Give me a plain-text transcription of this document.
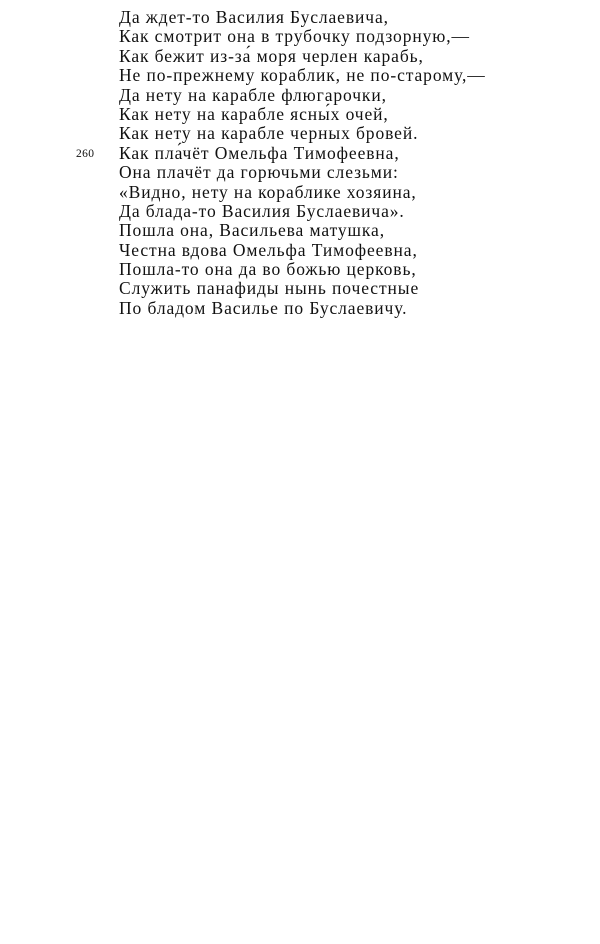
Да ждет-то Василия Буслаевича,
Как смотрит она в трубочку подзорную,—
Как бежит из-за́ моря черлен карабь,
Не по-прежнему кораблик, не по-старому,—
Да нету на карабле флюгарочки,
Как нету на карабле ясны́х очей,
Как нету на карабле черных бровей.
260 Как пла́чёт Омельфа Тимофеевна,
Она плачёт да горючьми слезьми:
«Видно, нету на кораблике хозяина,
Да блада-то Василия Буслаевича».
Пошла она, Васильева матушка,
Честна вдова Омельфа Тимофеевна,
Пошла-то она да во божью церковь,
Служить панафиды нынь почестные
По бладом Василье по Буслаевичу.
